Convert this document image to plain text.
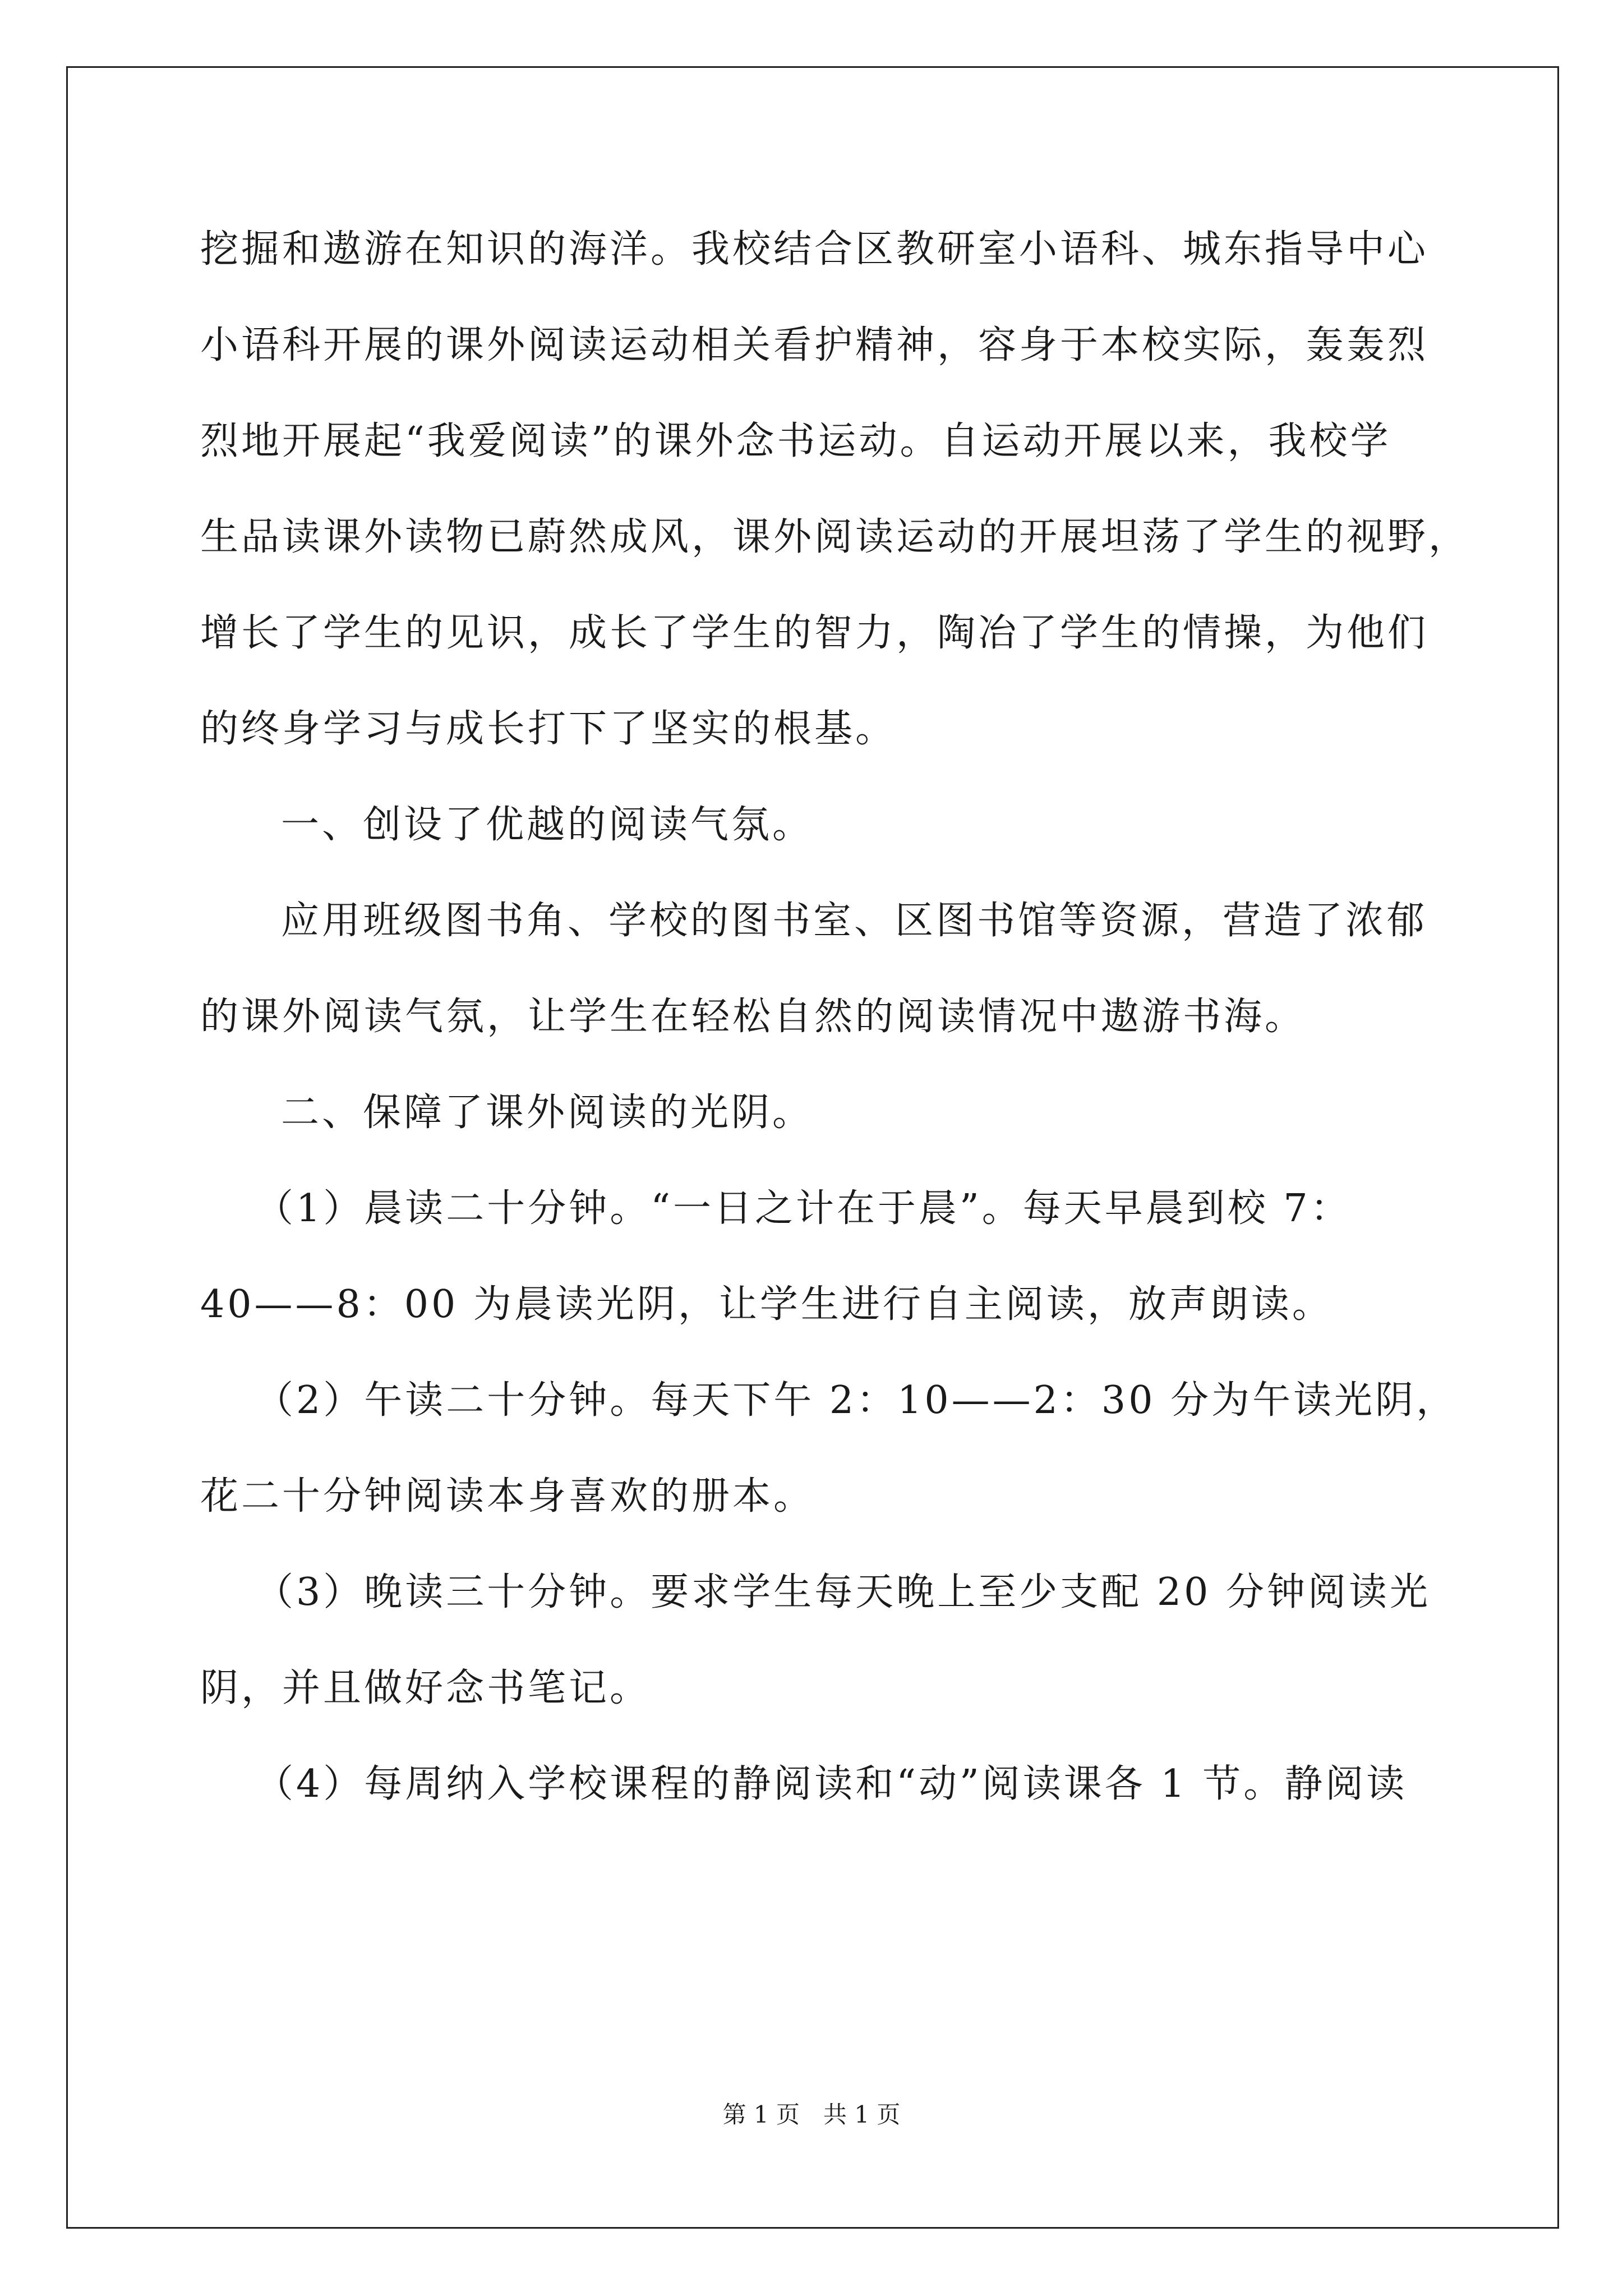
挖掘和遨游在知识的海洋。我校结合区教研室小语科、城东指导中心
小语科开展的课外阅读运动相关看护精神，容身于本校实际，轰轰烈
烈地开展起“我爱阅读”的课外念书运动。自运动开展以来，我校学
生品读课外读物已蔚然成风，课外阅读运动的开展坦荡了学生的视野，
增长了学生的见识，成长了学生的智力，陶冶了学生的情操，为他们
的终身学习与成长打下了坚实的根基。
一、创设了优越的阅读气氛。
应用班级图书角、学校的图书室、区图书馆等资源，营造了浓郁
的课外阅读气氛，让学生在轻松自然的阅读情况中遨游书海。
二、保障了课外阅读的光阴。
（1）晨读二十分钟。“一日之计在于晨”。每天早晨到校 7：
40——8：00 为晨读光阴，让学生进行自主阅读，放声朗读。
（2）午读二十分钟。每天下午 2：10——2：30 分为午读光阴，
花二十分钟阅读本身喜欢的册本。
（3）晚读三十分钟。要求学生每天晚上至少支配 20 分钟阅读光
阴，并且做好念书笔记。
（4）每周纳入学校课程的静阅读和“动”阅读课各 1 节。静阅读
第 1 页　共 1 页
